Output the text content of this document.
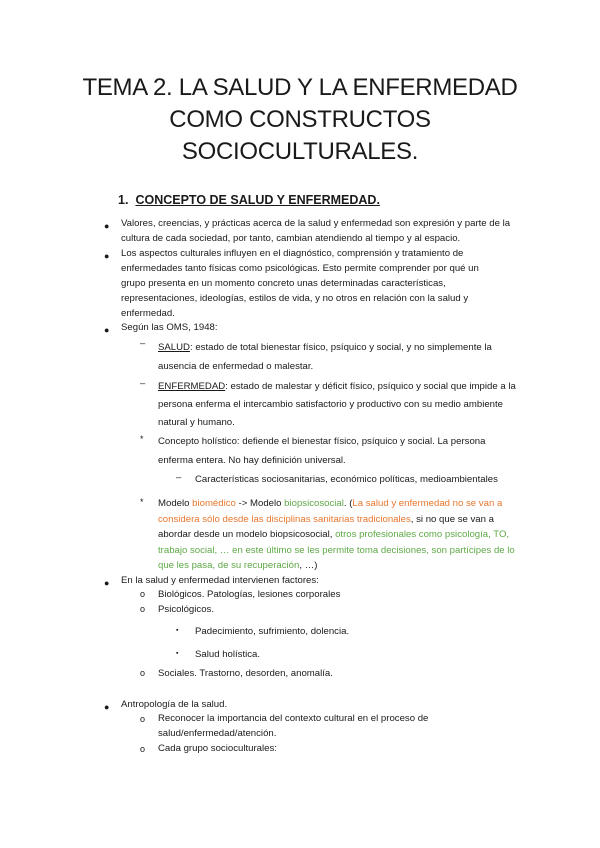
TEMA 2. LA SALUD Y LA ENFERMEDAD
COMO CONSTRUCTOS
SOCIOCULTURALES.
1. CONCEPTO DE SALUD Y ENFERMEDAD.
● Valores, creencias, y prácticas acerca de la salud y enfermedad son expresión y parte de la cultura de cada sociedad, por tanto, cambian atendiendo al tiempo y al espacio.
● Los aspectos culturales influyen en el diagnóstico, comprensión y tratamiento de enfermedades tanto físicas como psicológicas. Esto permite comprender por qué un grupo presenta en un momento concreto unas determinadas características, representaciones, ideologías, estilos de vida, y no otros en relación con la salud y enfermedad.
● Según las OMS, 1948:
– SALUD: estado de total bienestar físico, psíquico y social, y no simplemente la ausencia de enfermedad o malestar.
– ENFERMEDAD: estado de malestar y déficit físico, psíquico y social que impide a la persona enferma el intercambio satisfactorio y productivo con su medio ambiente natural y humano.
* Concepto holístico: defiende el bienestar físico, psíquico y social. La persona enferma entera. No hay definición universal.
– Características sociosanitarias, económico políticas, medioambientales
* Modelo biomédico -> Modelo biopsicosocial. (La salud y enfermedad no se van a considera sólo desde las disciplinas sanitarias tradicionales, si no que se van a abordar desde un modelo biopsicosocial, otros profesionales como psicología, TO, trabajo social, … en este último se les permite toma decisiones, son partícipes de lo que les pasa, de su recuperación, …)
● En la salud y enfermedad intervienen factores:
o Biológicos. Patologías, lesiones corporales
o Psicológicos.
▪ Padecimiento, sufrimiento, dolencia.
▪ Salud holística.
o Sociales. Trastorno, desorden, anomalía.
● Antropología de la salud.
o Reconocer la importancia del contexto cultural en el proceso de salud/enfermedad/atención.
o Cada grupo socioculturales:
